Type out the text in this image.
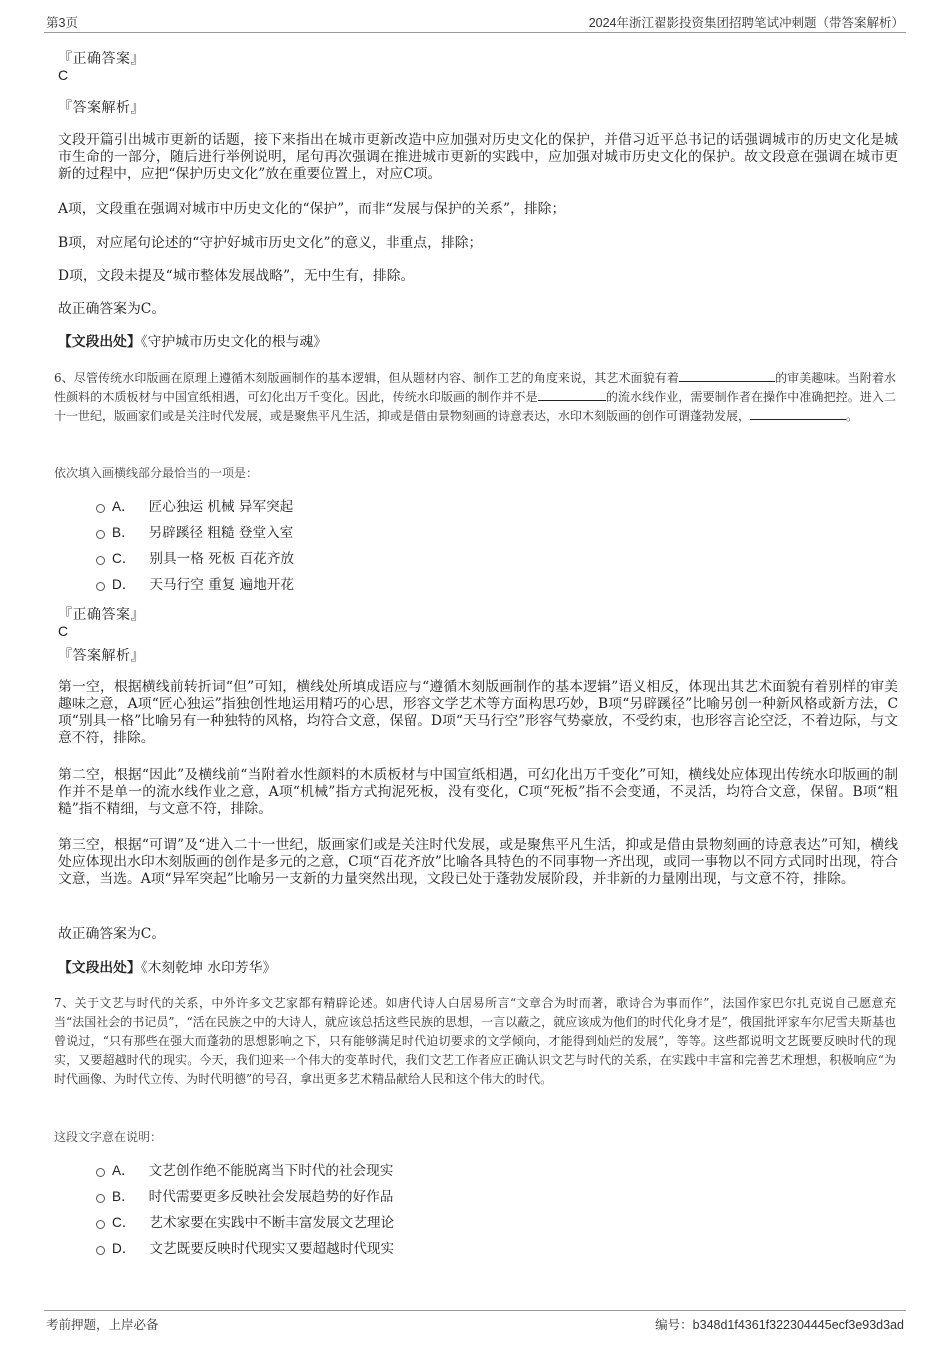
第3页	2024年浙江翟影投资集团招聘笔试冲刺题（带答案解析）
『正确答案』
C
『答案解析』
文段开篇引出城市更新的话题，接下来指出在城市更新改造中应加强对历史文化的保护，并借习近平总书记的话强调城市的历史文化是城市生命的一部分，随后进行举例说明，尾句再次强调在推进城市更新的实践中，应加强对城市历史文化的保护。故文段意在强调在城市更新的过程中，应把“保护历史文化”放在重要位置上，对应C项。
A项，文段重在强调对城市中历史文化的“保护”，而非“发展与保护的关系”，排除；
B项，对应尾句论述的“守护好城市历史文化”的意义，非重点，排除；
D项，文段未提及“城市整体发展战略”，无中生有，排除。
故正确答案为C。
【文段出处】《守护城市历史文化的根与魂》
6、尽管传统水印版画在原理上遵循木刻版画制作的基本逻辑，但从题材内容、制作工艺的角度来说，其艺术面貌有着	的审美趣味。当附着水性颜料的木质板材与中国宣纸相遇，可幻化出万千变化。因此，传统水印版画的制作并不是	的流水线作业，需要制作者在操作中准确把控。进入二十一世纪，版画家们或是关注时代发展，或是聚焦平凡生活，抑或是借由景物刻画的诗意表达，水印木刻版画的创作可谓蓬勃发展，	。
依次填入画横线部分最恰当的一项是：
A． 匠心独运 机械 异军突起
B． 另辟蹊径 粗糙 登堂入室
C． 别具一格 死板 百花齐放
D． 天马行空 重复 遍地开花
『正确答案』
C
『答案解析』
第一空，根据横线前转折词“但”可知，横线处所填成语应与“遵循木刻版画制作的基本逻辑”语义相反，体现出其艺术面貌有着别样的审美趣味之意，A项“匠心独运”指独创性地运用精巧的心思，形容文学艺术等方面构思巧妙，B项“另辟蹊径”比喻另创一种新风格或新方法，C项“别具一格”比喻另有一种独特的风格，均符合文意，保留。D项“天马行空”形容气势豪放，不受约束，也形容言论空泛，不着边际，与文意不符，排除。
第二空，根据“因此”及横线前“当附着水性颜料的木质板材与中国宣纸相遇，可幻化出万千变化”可知，横线处应体现出传统水印版画的制作并不是单一的流水线作业之意，A项“机械”指方式拘泥死板，没有变化，C项“死板”指不会变通，不灵活，均符合文意，保留。B项“粗糙”指不精细，与文意不符，排除。
第三空，根据“可谓”及“进入二十一世纪，版画家们或是关注时代发展，或是聚焦平凡生活，抑或是借由景物刻画的诗意表达”可知，横线处应体现出水印木刻版画的创作是多元的之意，C项“百花齐放”比喻各具特色的不同事物一齐出现，或同一事物以不同方式同时出现，符合文意，当选。A项“异军突起”比喻另一支新的力量突然出现，文段已处于蓬勃发展阶段，并非新的力量刚出现，与文意不符，排除。
故正确答案为C。
【文段出处】《木刻乾坤 水印芳华》
7、关于文艺与时代的关系，中外许多文艺家都有精辟论述。如唐代诗人白居易所言“文章合为时而著，歌诗合为事而作”，法国作家巴尔扎克说自己愿意充当“法国社会的书记员”，“活在民族之中的大诗人，就应该总括这些民族的思想，一言以蔽之，就应该成为他们的时代化身才是”，俄国批评家车尔尼雪夫斯基也曾说过，“只有那些在强大而蓬勃的思想影响之下，只有能够满足时代迫切要求的文学倾向，才能得到灿烂的发展”，等等。这些都说明文艺既要反映时代的现实，又要超越时代的现实。今天，我们迎来一个伟大的变革时代，我们文艺工作者应正确认识文艺与时代的关系，在实践中丰富和完善艺术理想，积极响应“为时代画像、为时代立传、为时代明德”的号召，拿出更多艺术精品献给人民和这个伟大的时代。
这段文字意在说明：
A． 文艺创作绝不能脱离当下时代的社会现实
B． 时代需要更多反映社会发展趋势的好作品
C． 艺术家要在实践中不断丰富发展文艺理论
D． 文艺既要反映时代现实又要超越时代现实
考前押题，上岸必备	编号：b348d1f4361f322304445ecf3e93d3ad
